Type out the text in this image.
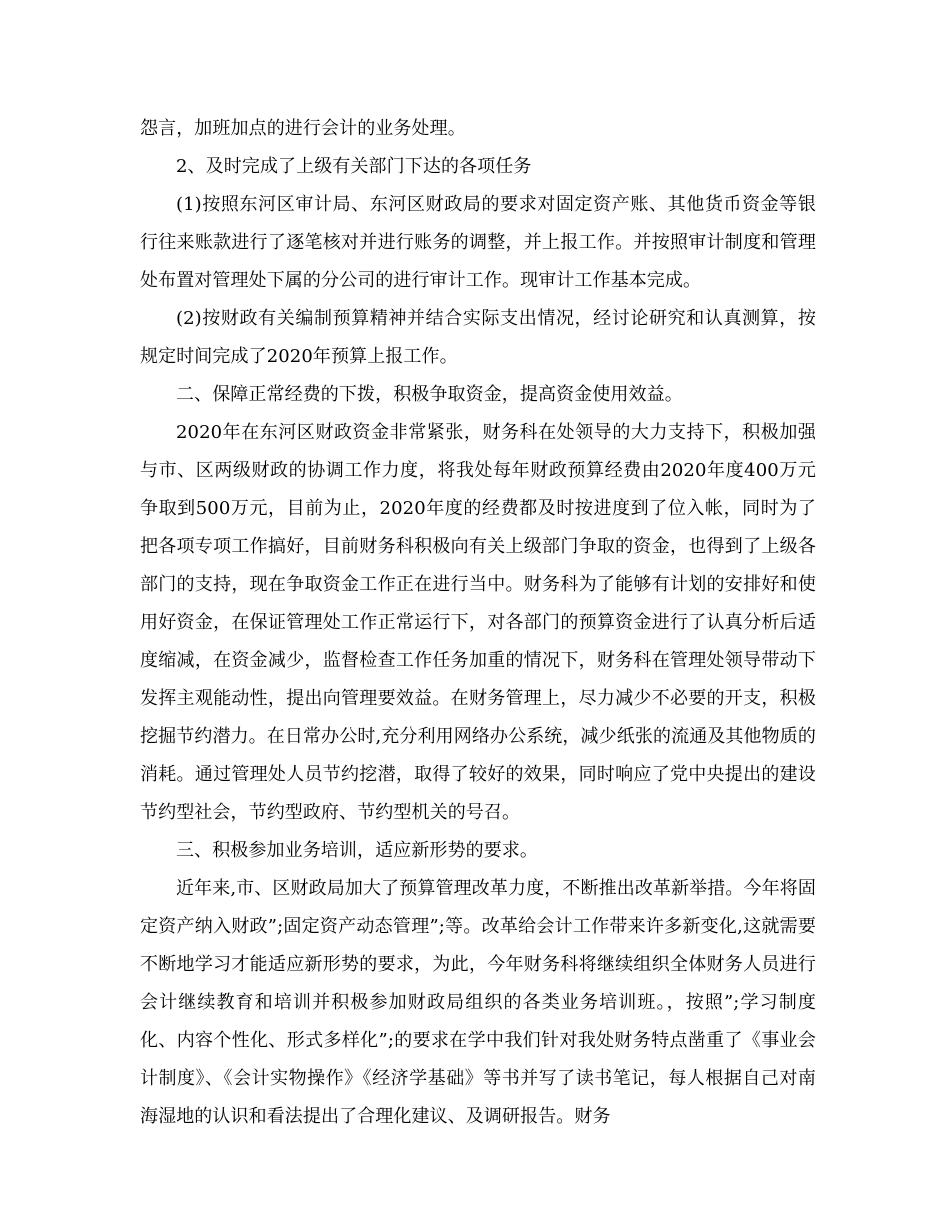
怨言，加班加点的进行会计的业务处理。

2、及时完成了上级有关部门下达的各项任务

(1)按照东河区审计局、东河区财政局的要求对固定资产账、其他货币资金等银行往来账款进行了逐笔核对并进行账务的调整，并上报工作。并按照审计制度和管理处布置对管理处下属的分公司的进行审计工作。现审计工作基本完成。

(2)按财政有关编制预算精神并结合实际支出情况，经讨论研究和认真测算，按规定时间完成了2020年预算上报工作。

二、保障正常经费的下拨，积极争取资金，提高资金使用效益。

2020年在东河区财政资金非常紧张，财务科在处领导的大力支持下，积极加强与市、区两级财政的协调工作力度，将我处每年财政预算经费由2020年度400万元争取到500万元，目前为止，2020年度的经费都及时按进度到了位入帐，同时为了把各项专项工作搞好，目前财务科积极向有关上级部门争取的资金，也得到了上级各部门的支持，现在争取资金工作正在进行当中。财务科为了能够有计划的安排好和使用好资金，在保证管理处工作正常运行下，对各部门的预算资金进行了认真分析后适度缩减，在资金减少，监督检查工作任务加重的情况下，财务科在管理处领导带动下发挥主观能动性，提出向管理要效益。在财务管理上，尽力减少不必要的开支，积极挖掘节约潜力。在日常办公时,充分利用网络办公系统，减少纸张的流通及其他物质的消耗。通过管理处人员节约挖潜，取得了较好的效果，同时响应了党中央提出的建设节约型社会，节约型政府、节约型机关的号召。

三、积极参加业务培训，适应新形势的要求。

近年来,市、区财政局加大了预算管理改革力度，不断推出改革新举措。今年将固定资产纳入财政”;固定资产动态管理”;等。改革给会计工作带来许多新变化,这就需要不断地学习才能适应新形势的要求，为此，今年财务科将继续组织全体财务人员进行会计继续教育和培训并积极参加财政局组织的各类业务培训班。，按照”;学习制度化、内容个性化、形式多样化”;的要求在学中我们针对我处财务特点凿重了《事业会计制度》、《会计实物操作》《经济学基础》等书并写了读书笔记，每人根据自己对南海湿地的认识和看法提出了合理化建议、及调研报告。财务
